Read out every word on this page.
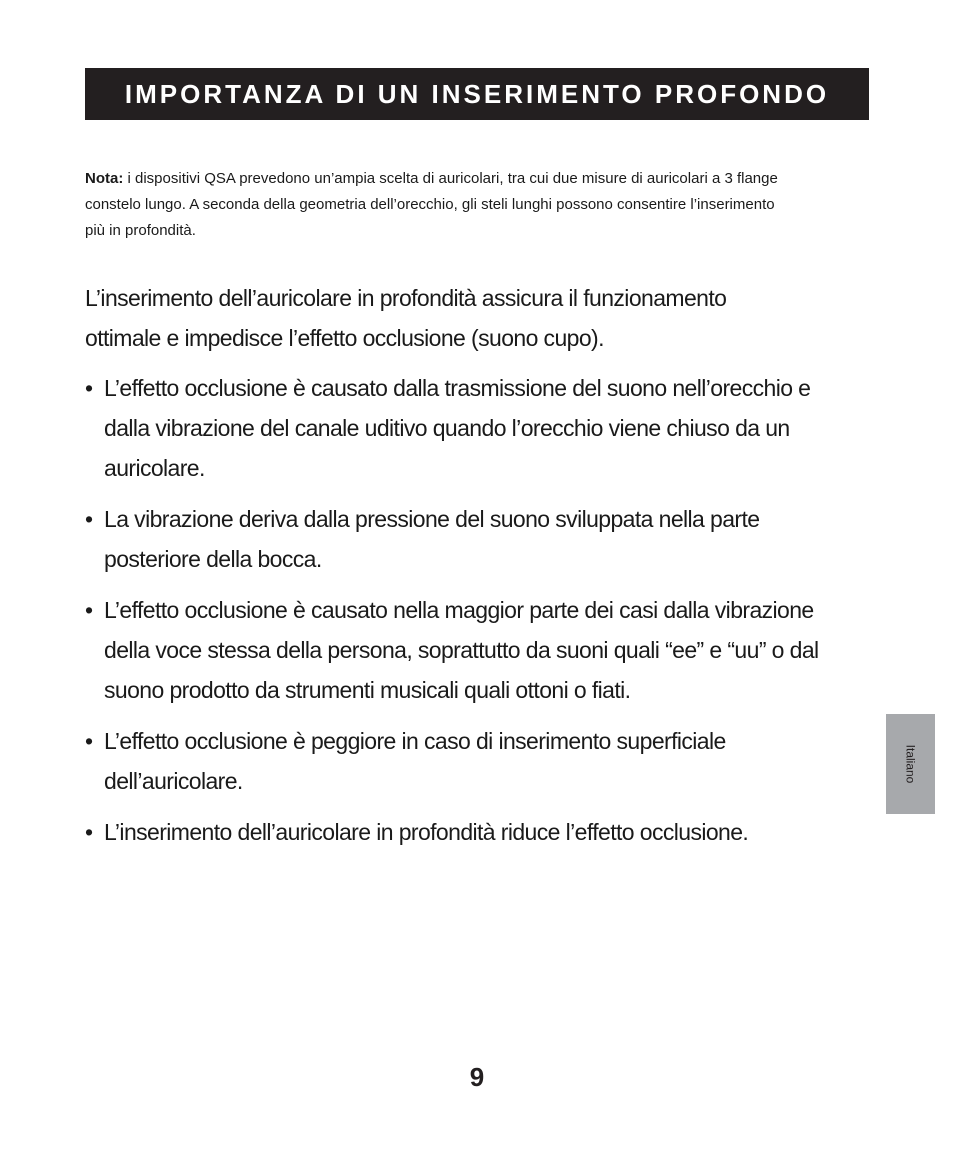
IMPORTANZA DI UN INSERIMENTO PROFONDO
Nota: i dispositivi QSA prevedono un’ampia scelta di auricolari, tra cui due misure di auricolari a 3 flange constelo lungo. A seconda della geometria dell’orecchio, gli steli lunghi possono consentire l’inserimento più in profondità.
L’inserimento dell’auricolare in profondità assicura il funzionamento ottimale e impedisce l’effetto occlusione (suono cupo).
• L’effetto occlusione è causato dalla trasmissione del suono nell’orecchio e dalla vibrazione del canale uditivo quando l’orecchio viene chiuso da un auricolare.
• La vibrazione deriva dalla pressione del suono sviluppata nella parte posteriore della bocca.
• L’effetto occlusione è causato nella maggior parte dei casi dalla vibrazione della voce stessa della persona, soprattutto da suoni quali “ee” e “uu” o dal suono prodotto da strumenti musicali quali ottoni o fiati.
• L’effetto occlusione è peggiore in caso di inserimento superficiale dell’auricolare.
• L’inserimento dell’auricolare in profondità riduce l’effetto occlusione.
Italiano
9
